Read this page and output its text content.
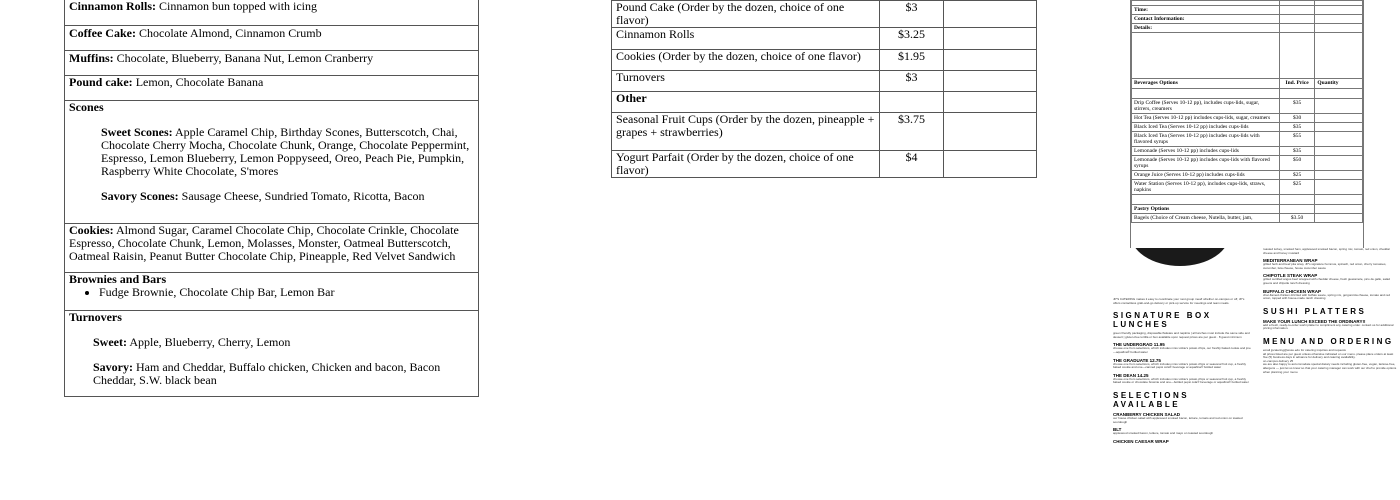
Cinnamon Rolls: Cinnamon bun topped with icing
Coffee Cake: Chocolate Almond, Cinnamon Crumb
Muffins: Chocolate, Blueberry, Banana Nut, Lemon Cranberry
Pound cake: Lemon, Chocolate Banana
Scones
Sweet Scones: Apple Caramel Chip, Birthday Scones, Butterscotch, Chai, Chocolate Cherry Mocha, Chocolate Chunk, Orange, Chocolate Peppermint, Espresso, Lemon Blueberry, Lemon Poppyseed, Oreo, Peach Pie, Pumpkin, Raspberry White Chocolate, S'mores
Savory Scones: Sausage Cheese, Sundried Tomato, Ricotta, Bacon
Cookies: Almond Sugar, Caramel Chocolate Chip, Chocolate Crinkle, Chocolate Espresso, Chocolate Chunk, Lemon, Molasses, Monster, Oatmeal Butterscotch, Oatmeal Raisin, Peanut Butter Chocolate Chip, Pineapple, Red Velvet Sandwich
Brownies and Bars
• Fudge Brownie, Chocolate Chip Bar, Lemon Bar
Turnovers
Sweet: Apple, Blueberry, Cherry, Lemon
Savory: Ham and Cheddar, Buffalo chicken, Chicken and bacon, Bacon Cheddar, S.W. black bean
Pound Cake (Order by the dozen, choice of one flavor)	$3	
Cinnamon Rolls	$3.25	
Cookies (Order by the dozen, choice of one flavor)	$1.95	
Turnovers	$3	
Other		
Seasonal Fruit Cups (Order by the dozen, pineapple + grapes + strawberries)	$3.75	
Yogurt Parfait (Order by the dozen, choice of one flavor)	$4	

Time:		
Contact Information:		
Details:		

Beverages Options	Ind. Price	Quantity

Drip Coffee (Serves 10-12 pp), includes cups-lids, sugar, stirrers, creamers	$35	
Hot Tea (Serves 10-12 pp) includes cups-lids, sugar, creamers	$30	
Black Iced Tea (Serves 10-12 pp) includes cups-lids	$35	
Black Iced Tea (Serves 10-12 pp) includes cups-lids with flavored syrups	$55	
Lemonade (Serves 10-12 pp) includes cups-lids	$35	
Lemonade (Serves 10-12 pp) includes cups-lids with flavored syrups	$50	
Orange Juice (Serves 10-12 pp) includes cups-lids	$25	
Water Station (Serves 10-12 pp), includes cups-lids, straws, napkins	$25	

Pastry Options		
Bagels (Choice of Cream cheese, Nutella, butter, jam,	$3.50	
CATERING
JP'S CATERING makes it easy to coordinate your next group meal! whether on-campus or off, JP's offers contactless grab-and-go delivery or pick-up service for meetings and team meals.
SIGNATURE BOX LUNCHES
green friendly packaging, disposable flatware and napkins | all lunches must include the same side and dessert | gluten-free tortilla or bun available upon request prices are per guest · 8 guest minimum
THE UNDERGRAD 11.95
choose one from selections, which includes miss vickie's potato chips, our freshly baked cookie and jme—aquafina® bottled water
THE GRADUATE 12.75
choose one from selections, which includes miss vickie's potato chips or seasonal fruit cup, a freshly baked cookie and one—canned pepsi cola® beverage or aquafina® bottled water
THE DEAN 14.25
choose one from selections, which includes miss vickie's potato chips or seasonal fruit cup, a freshly baked cookie or chocolate brownie and one—bottled pepsi cola® beverage or aquafina® bottled water
SELECTIONS AVAILABLE
CRANBERRY CHICKEN SALAD
our house chicken salad with applewood smoked bacon, lettuce, tomato and red onion on toasted sourdough
BLT
applewood smoked bacon, lettuce, tomato and mayo on toasted sourdough
CHICKEN CAESAR WRAP
roasted turkey, smoked ham, applewood smoked bacon, spring mix, tomato, red onion, cheddar cheese and honey mustard
MEDITERRANEAN WRAP
grilled herb and beef pita wrap, JP's signature hummus, spinach, red onion, cherry tomatoes, cucumber, feta cheese, house cucumber sauce
CHIPOTLE STEAK WRAP
grilled certified angus beef wrapped with cheddar cheese, fresh guacamole, pico de gallo, salad greens and chipotle ranch dressing
BUFFALO CHICKEN WRAP
char-flamed chicken drizzled with buffalo sauce, spring mix, gorgonzola cheese, tomato and red onion, topped with house-made ranch dressing
SUSHI PLATTERS
MAKE YOUR LUNCH EXCEED THE ORDINARY!!
add a fresh, ready-to-order sushi platter to compliment any catering order. contact us for additional pricing information.
MENU AND ORDERING
email jpcatering@wusu.edu for catering inquiries and requests
all prices listed are per guest unless otherwise indicated on our menu. please place orders at least five (5) business days in advance for delivery and catering availability.
on-campus delivery 25
we are also happy to accommodate special dietary needs including gluten-free, vegan, lactose-free, allergens — just let us know so that your catering manager can work with our chef to provide options when planning your menu.
